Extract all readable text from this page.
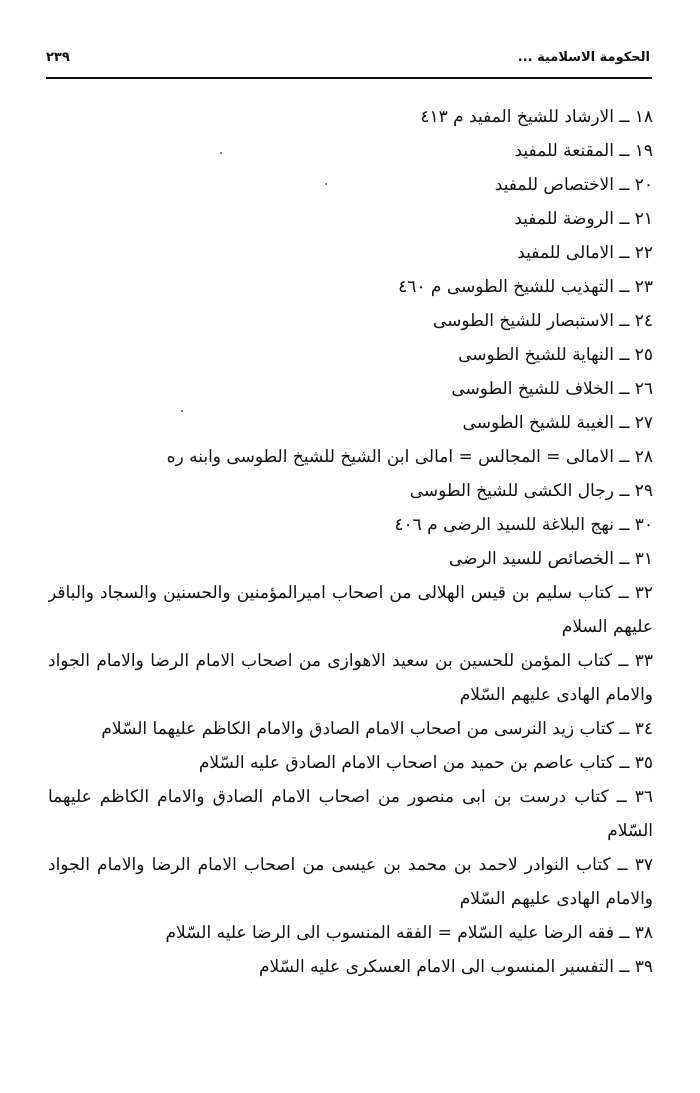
الحكومة الاسلامية ...
٢٣٩
١٨ ــ الارشاد للشيخ المفيد م ٤١٣
١٩ ــ المقنعة للمفيد
٢٠ ــ الاختصاص للمفيد
٢١ ــ الروضة للمفيد
٢٢ ــ الامالى للمفيد
٢٣ ــ التهذيب للشيخ الطوسى م ٤٦٠
٢٤ ــ الاستبصار للشيخ الطوسى
٢٥ ــ النهاية للشيخ الطوسى
٢٦ ــ الخلاف للشيخ الطوسى
٢٧ ــ الغيبة للشيخ الطوسى
٢٨ ــ الامالى = المجالس = امالى ابن الشيخ للشيخ الطوسى وابنه ره
٢٩ ــ رجال الكشى للشيخ الطوسى
٣٠ ــ نهج البلاغة للسيد الرضى م ٤٠٦
٣١ ــ الخصائص للسيد الرضى
٣٢ ــ كتاب سليم بن قيس الهلالى من اصحاب اميرالمؤمنين والحسنين والسجاد والباقر عليهم السلام
٣٣ ــ كتاب المؤمن للحسين بن سعيد الاهوازى من اصحاب الامام الرضا والامام الجواد والامام الهادى عليهم السّلام
٣٤ ــ كتاب زيد النرسى من اصحاب الامام الصادق والامام الكاظم عليهما السّلام
٣٥ ــ كتاب عاصم بن حميد من اصحاب الامام الصادق عليه السّلام
٣٦ ــ كتاب درست بن ابى منصور من اصحاب الامام الصادق والامام الكاظم عليهما السّلام
٣٧ ــ كتاب النوادر لاحمد بن محمد بن عيسى من اصحاب الامام الرضا والامام الجواد والامام الهادى عليهم السّلام
٣٨ ــ فقه الرضا عليه السّلام = الفقه المنسوب الى الرضا عليه السّلام
٣٩ ــ التفسير المنسوب الى الامام العسكرى عليه السّلام
